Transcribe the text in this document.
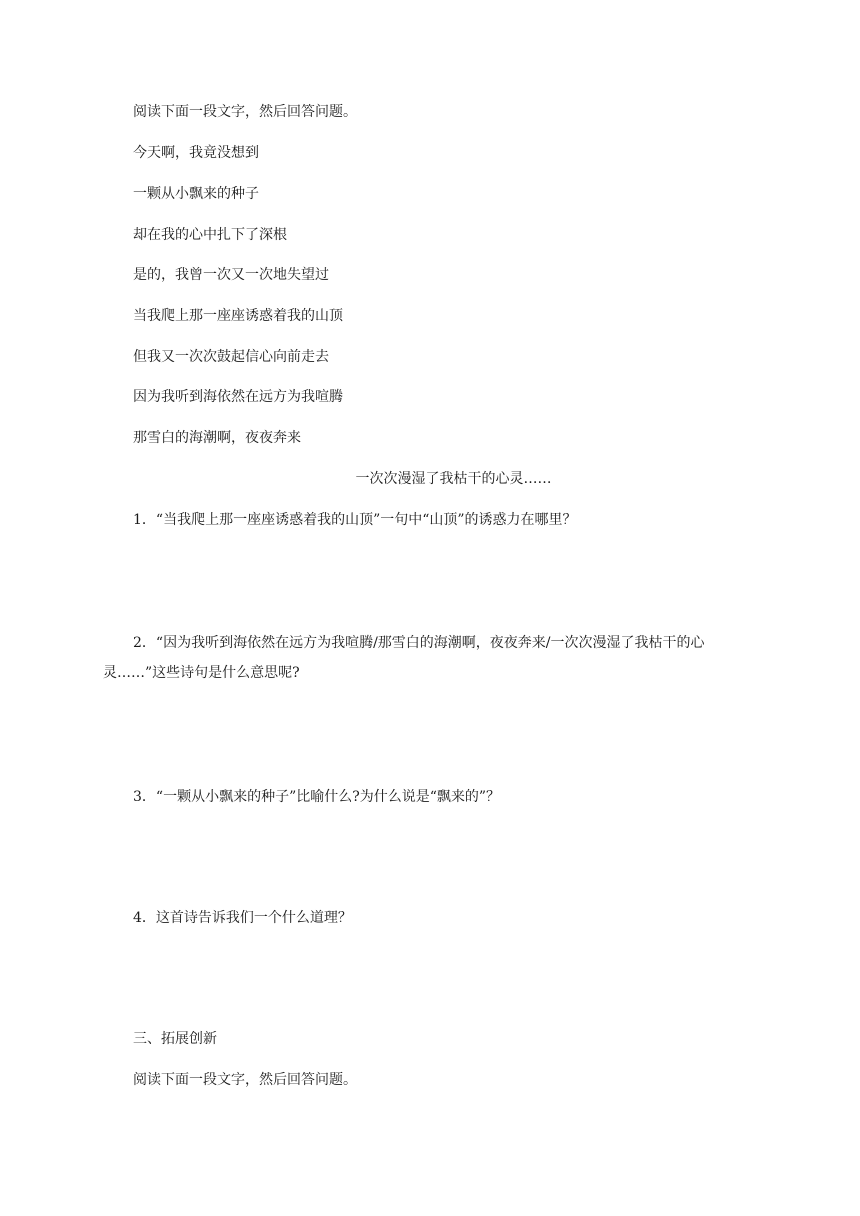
阅读下面一段文字，然后回答问题。
今天啊，我竟没想到
一颗从小飘来的种子
却在我的心中扎下了深根
是的，我曾一次又一次地失望过
当我爬上那一座座诱惑着我的山顶
但我又一次次鼓起信心向前走去
因为我听到海依然在远方为我喧腾
那雪白的海潮啊，夜夜奔来
一次次漫湿了我枯干的心灵……
1．“当我爬上那一座座诱惑着我的山顶”一句中“山顶”的诱惑力在哪里？
2．“因为我听到海依然在远方为我喧腾/那雪白的海潮啊，夜夜奔来/一次次漫湿了我枯干的心灵……”这些诗句是什么意思呢?
3．“一颗从小飘来的种子”比喻什么?为什么说是“飘来的”？
4．这首诗告诉我们一个什么道理？
三、拓展创新
阅读下面一段文字，然后回答问题。
